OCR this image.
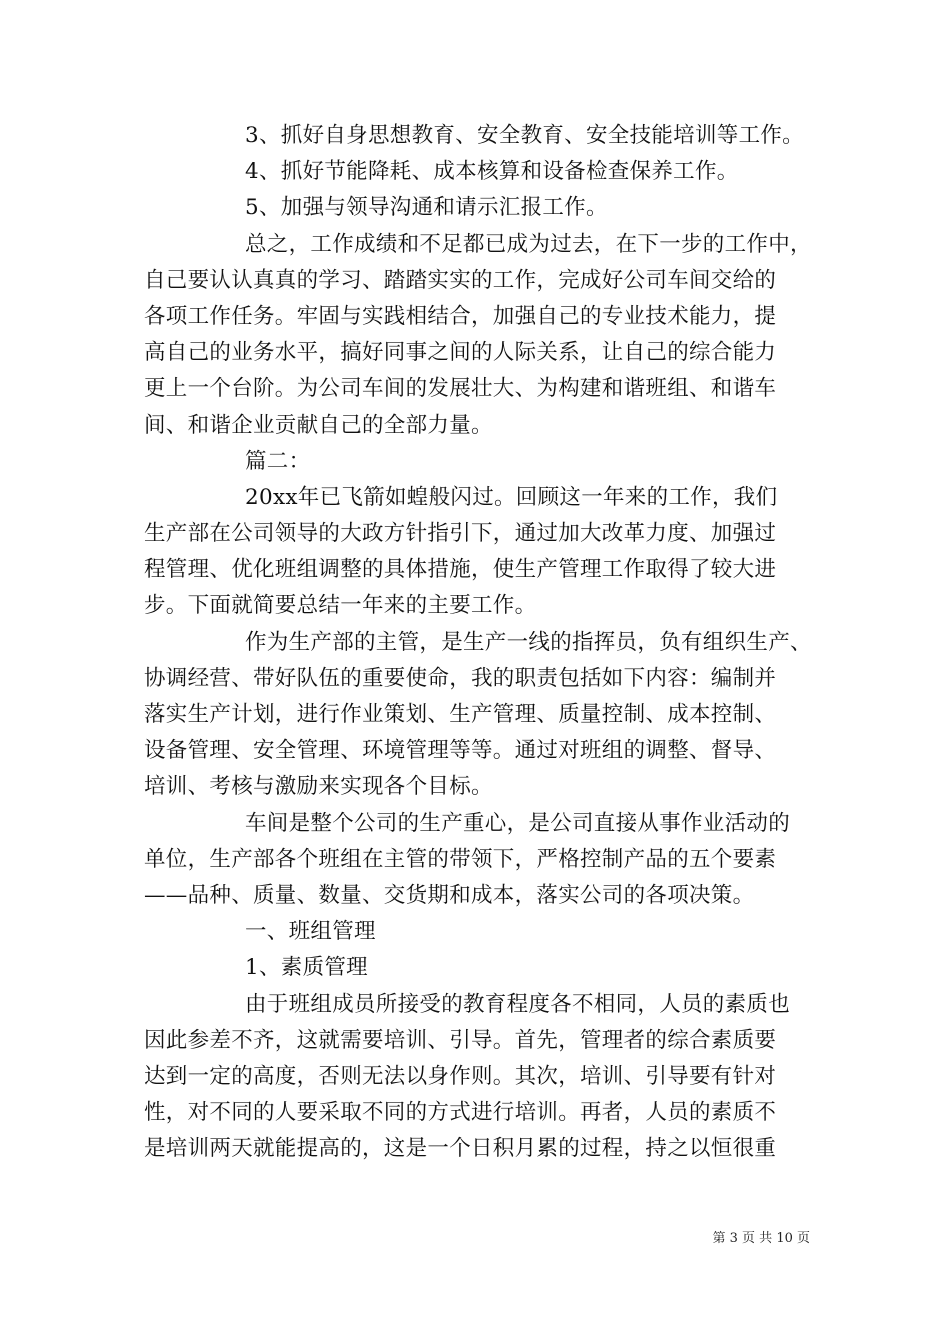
3、抓好自身思想教育、安全教育、安全技能培训等工作。
4、抓好节能降耗、成本核算和设备检查保养工作。
5、加强与领导沟通和请示汇报工作。
总之，工作成绩和不足都已成为过去，在下一步的工作中，
自己要认认真真的学习、踏踏实实的工作，完成好公司车间交给的
各项工作任务。牢固与实践相结合，加强自己的专业技术能力，提
高自己的业务水平，搞好同事之间的人际关系，让自己的综合能力
更上一个台阶。为公司车间的发展壮大、为构建和谐班组、和谐车
间、和谐企业贡献自己的全部力量。
篇二：
20xx年已飞箭如蝗般闪过。回顾这一年来的工作，我们
生产部在公司领导的大政方针指引下，通过加大改革力度、加强过
程管理、优化班组调整的具体措施，使生产管理工作取得了较大进
步。下面就简要总结一年来的主要工作。
作为生产部的主管，是生产一线的指挥员，负有组织生产、
协调经营、带好队伍的重要使命，我的职责包括如下内容：编制并
落实生产计划，进行作业策划、生产管理、质量控制、成本控制、
设备管理、安全管理、环境管理等等。通过对班组的调整、督导、
培训、考核与激励来实现各个目标。
车间是整个公司的生产重心，是公司直接从事作业活动的
单位，生产部各个班组在主管的带领下，严格控制产品的五个要素
——品种、质量、数量、交货期和成本，落实公司的各项决策。
一、班组管理
1、素质管理
由于班组成员所接受的教育程度各不相同，人员的素质也
因此参差不齐，这就需要培训、引导。首先，管理者的综合素质要
达到一定的高度，否则无法以身作则。其次，培训、引导要有针对
性，对不同的人要采取不同的方式进行培训。再者，人员的素质不
是培训两天就能提高的，这是一个日积月累的过程，持之以恒很重
第 3 页 共 10 页
